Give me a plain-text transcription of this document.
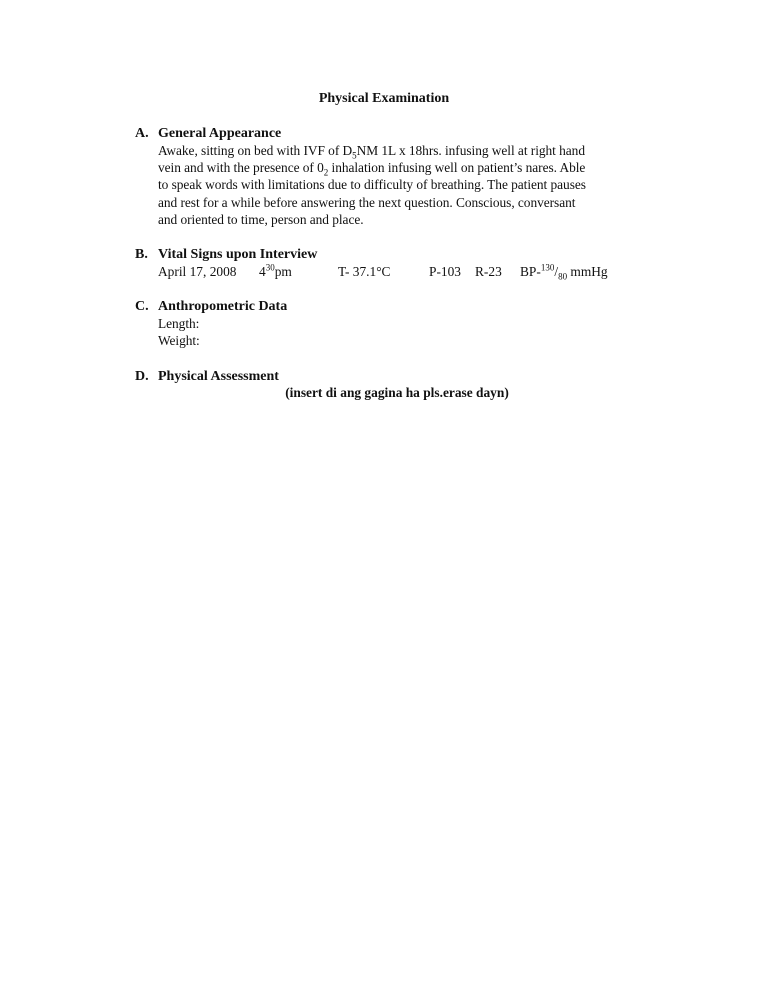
Physical Examination
A. General Appearance
Awake, sitting on bed with IVF of $D_5NM$ 1L x 18hrs. infusing well at right hand
vein and with the presence of $0_2$ inhalation infusing well on patient’s nares. Able
to speak words with limitations due to difficulty of breathing. The patient pauses
and rest for a while before answering the next question. Conscious, conversant
and oriented to time, person and place.
B. Vital Signs upon Interview
April 17, 2008 $4^{30}pm$	T- 37.1°C	P-103 R-23 $BP-^{130}/_{80}$ mmHg
C. Anthropometric Data
Length:
Weight:
D. Physical Assessment
(insert di ang gagina ha pls.erase dayn)
